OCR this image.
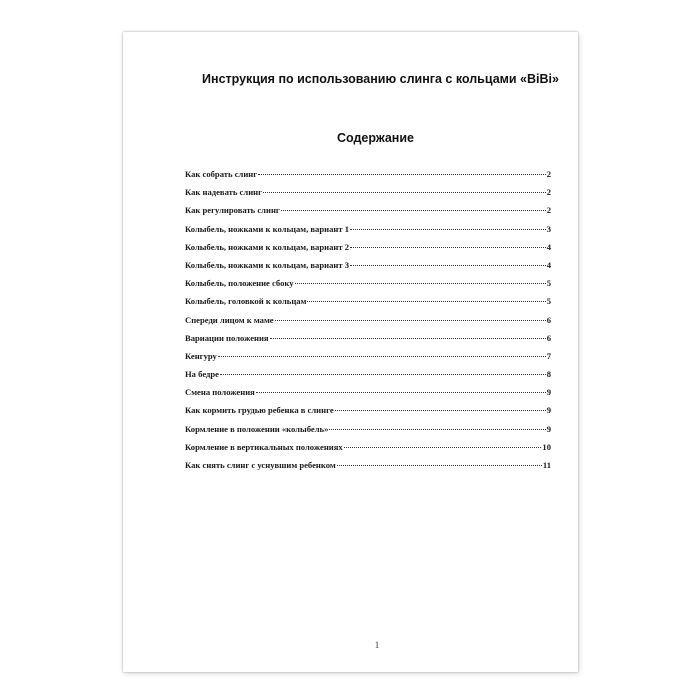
Инструкция по использованию слинга с кольцами «BiBi»
Содержание
Как собрать слинг	2
Как надевать слинг	2
Как регулировать слинг	2
Колыбель, ножками к кольцам, вариант 1	3
Колыбель, ножками к кольцам, вариант 2	4
Колыбель, ножками к кольцам, вариант 3	4
Колыбель, положение сбоку	5
Колыбель, головкой к кольцам	5
Спереди лицом к маме	6
Вариации положения	6
Кенгуру	7
На бедре	8
Смена положения	9
Как кормить грудью ребенка в слинге	9
Кормление в положении «колыбель»	9
Кормление в вертикальных положениях	10
Как снять слинг с уснувшим ребенком	11
1
